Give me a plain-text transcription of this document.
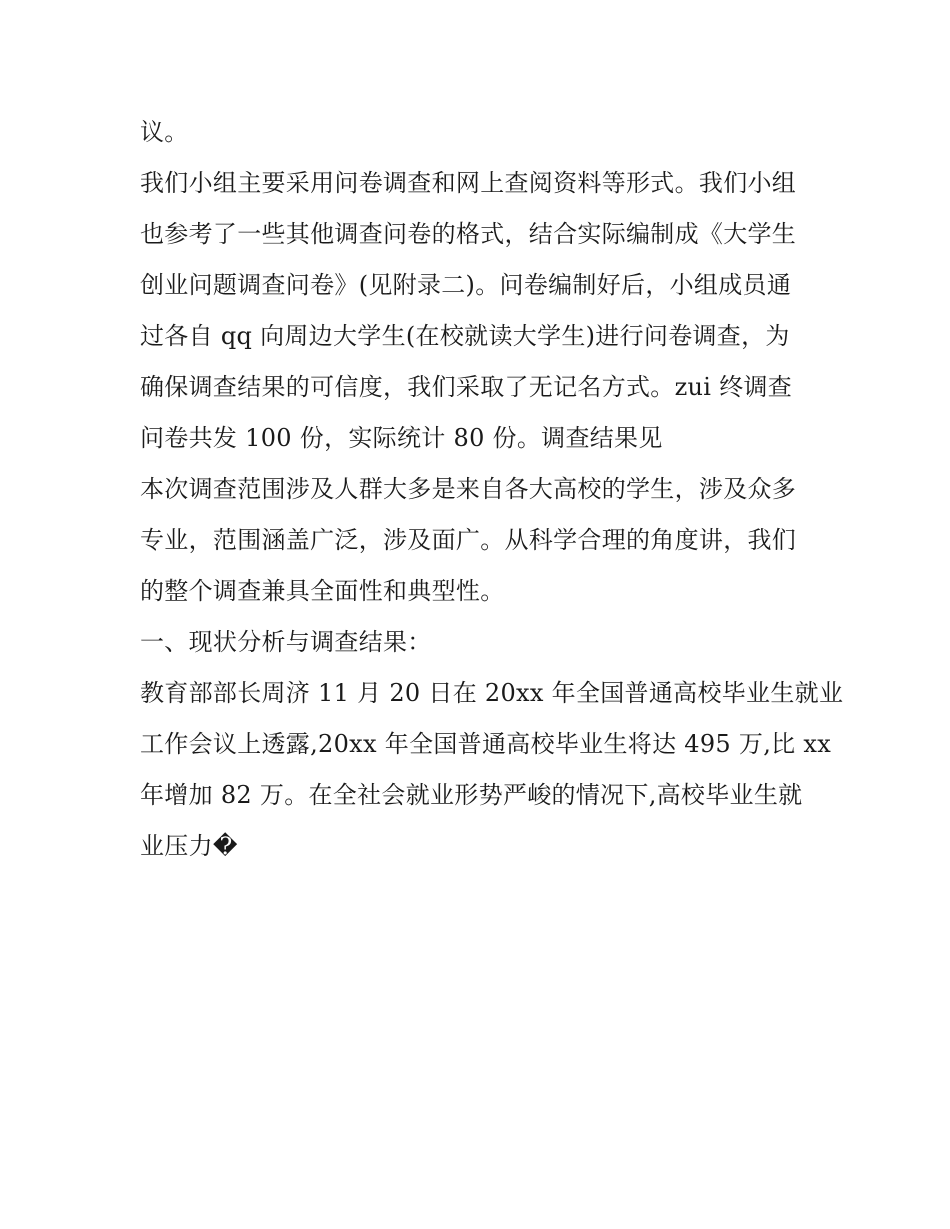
议。
我们小组主要采用问卷调查和网上查阅资料等形式。我们小组
也参考了一些其他调查问卷的格式，结合实际编制成《大学生
创业问题调查问卷》(见附录二)。问卷编制好后，小组成员通
过各自 qq 向周边大学生(在校就读大学生)进行问卷调查，为
确保调查结果的可信度，我们采取了无记名方式。zui 终调查
问卷共发 100 份，实际统计 80 份。调查结果见
本次调查范围涉及人群大多是来自各大高校的学生，涉及众多
专业，范围涵盖广泛，涉及面广。从科学合理的角度讲，我们
的整个调查兼具全面性和典型性。
一、现状分析与调查结果：
教育部部长周济 11 月 20 日在 20xx 年全国普通高校毕业生就业
工作会议上透露,20xx 年全国普通高校毕业生将达 495 万,比 xx
年增加 82 万。在全社会就业形势严峻的情况下,高校毕业生就
业压力�
